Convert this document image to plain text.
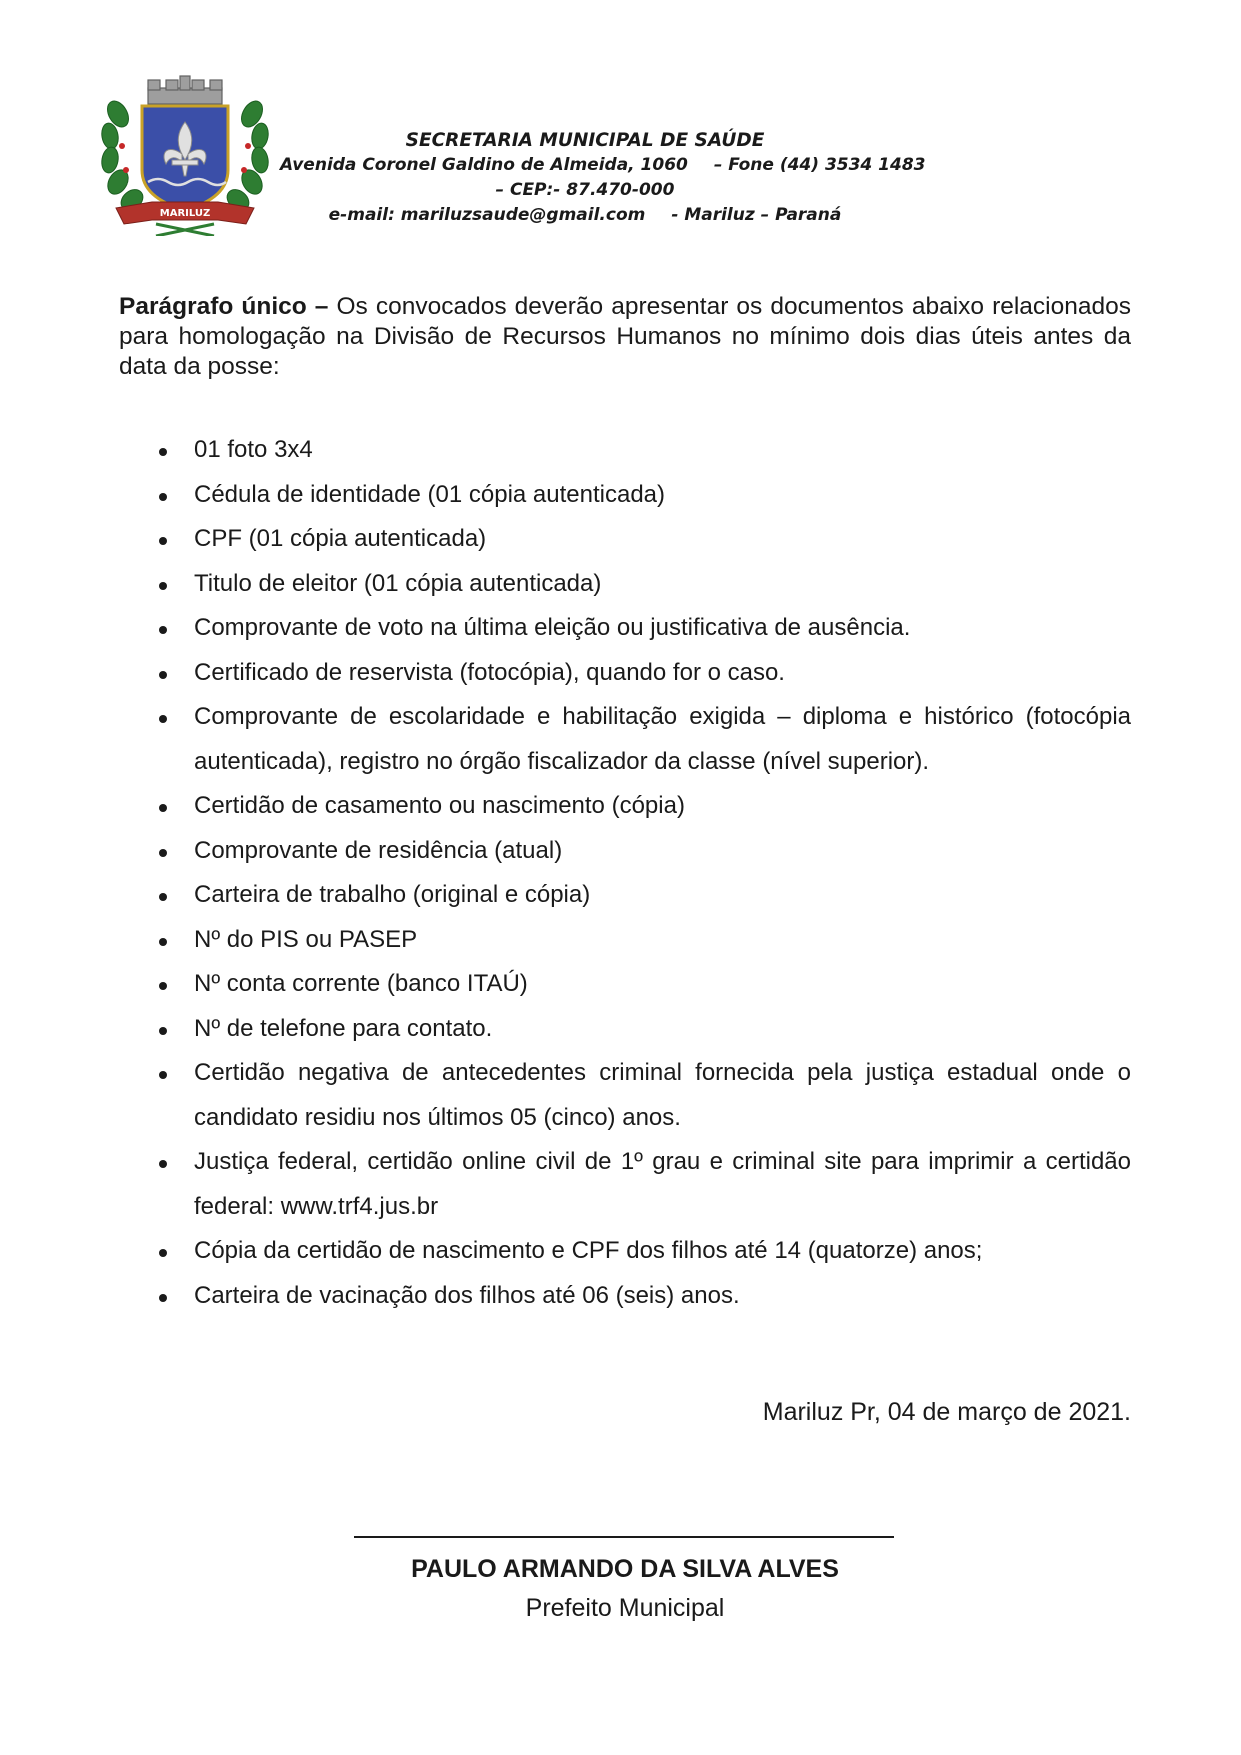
MARILUZ
SECRETARIA MUNICIPAL DE SAÚDE
Avenida Coronel Galdino de Almeida, 1060 – Fone (44) 3534 1483
– CEP:- 87.470-000
e-mail: mariluzsaude@gmail.com - Mariluz – Paraná

Parágrafo único – Os convocados deverão apresentar os documentos abaixo relacionados para homologação na Divisão de Recursos Humanos no mínimo dois dias úteis antes da data da posse:

01 foto 3x4
Cédula de identidade (01 cópia autenticada)
CPF (01 cópia autenticada)
Titulo de eleitor (01 cópia autenticada)
Comprovante de voto na última eleição ou justificativa de ausência.
Certificado de reservista (fotocópia), quando for o caso.
Comprovante de escolaridade e habilitação exigida – diploma e histórico (fotocópia autenticada), registro no órgão fiscalizador da classe (nível superior).
Certidão de casamento ou nascimento (cópia)
Comprovante de residência (atual)
Carteira de trabalho (original e cópia)
Nº do PIS ou PASEP
Nº conta corrente (banco ITAÚ)
Nº de telefone para contato.
Certidão negativa de antecedentes criminal fornecida pela justiça estadual onde o candidato residiu nos últimos 05 (cinco) anos.
Justiça federal, certidão online civil de 1º grau e criminal site para imprimir a certidão federal: www.trf4.jus.br
Cópia da certidão de nascimento e CPF dos filhos até 14 (quatorze) anos;
Carteira de vacinação dos filhos até 06 (seis) anos.
Mariluz Pr, 04 de março de 2021.
PAULO ARMANDO DA SILVA ALVES
Prefeito Municipal
